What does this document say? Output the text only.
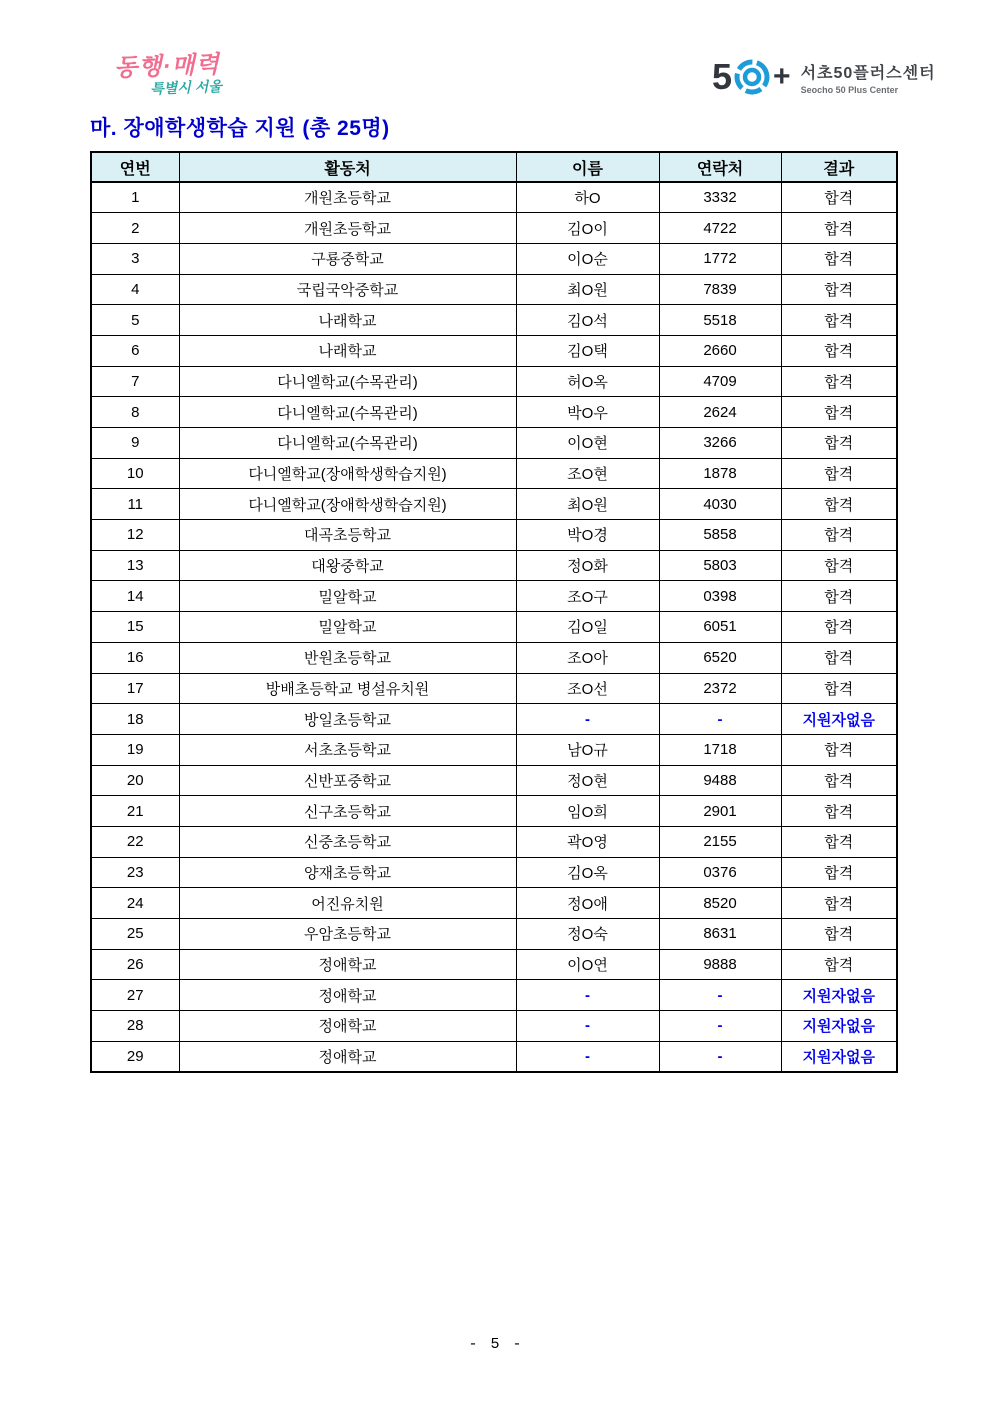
동행·매력
특별시 서울	5 + 서초50플러스센터
Seocho 50 Plus Center
마. 장애학생학습 지원 (총 25명)
연번	활동처	이름	연락처	결과
1	개원초등학교	하O	3332	합격
2	개원초등학교	김O이	4722	합격
3	구룡중학교	이O순	1772	합격
4	국립국악중학교	최O원	7839	합격
5	나래학교	김O석	5518	합격
6	나래학교	김O택	2660	합격
7	다니엘학교(수목관리)	허O옥	4709	합격
8	다니엘학교(수목관리)	박O우	2624	합격
9	다니엘학교(수목관리)	이O현	3266	합격
10	다니엘학교(장애학생학습지원)	조O현	1878	합격
11	다니엘학교(장애학생학습지원)	최O원	4030	합격
12	대곡초등학교	박O경	5858	합격
13	대왕중학교	정O화	5803	합격
14	밀알학교	조O구	0398	합격
15	밀알학교	김O일	6051	합격
16	반원초등학교	조O아	6520	합격
17	방배초등학교 병설유치원	조O선	2372	합격
18	방일초등학교	-	-	지원자없음
19	서초초등학교	남O규	1718	합격
20	신반포중학교	정O현	9488	합격
21	신구초등학교	임O희	2901	합격
22	신중초등학교	곽O영	2155	합격
23	양재초등학교	김O옥	0376	합격
24	어진유치원	정O애	8520	합격
25	우암초등학교	정O숙	8631	합격
26	정애학교	이O연	9888	합격
27	정애학교	-	-	지원자없음
28	정애학교	-	-	지원자없음
29	정애학교	-	-	지원자없음
- 5 -
